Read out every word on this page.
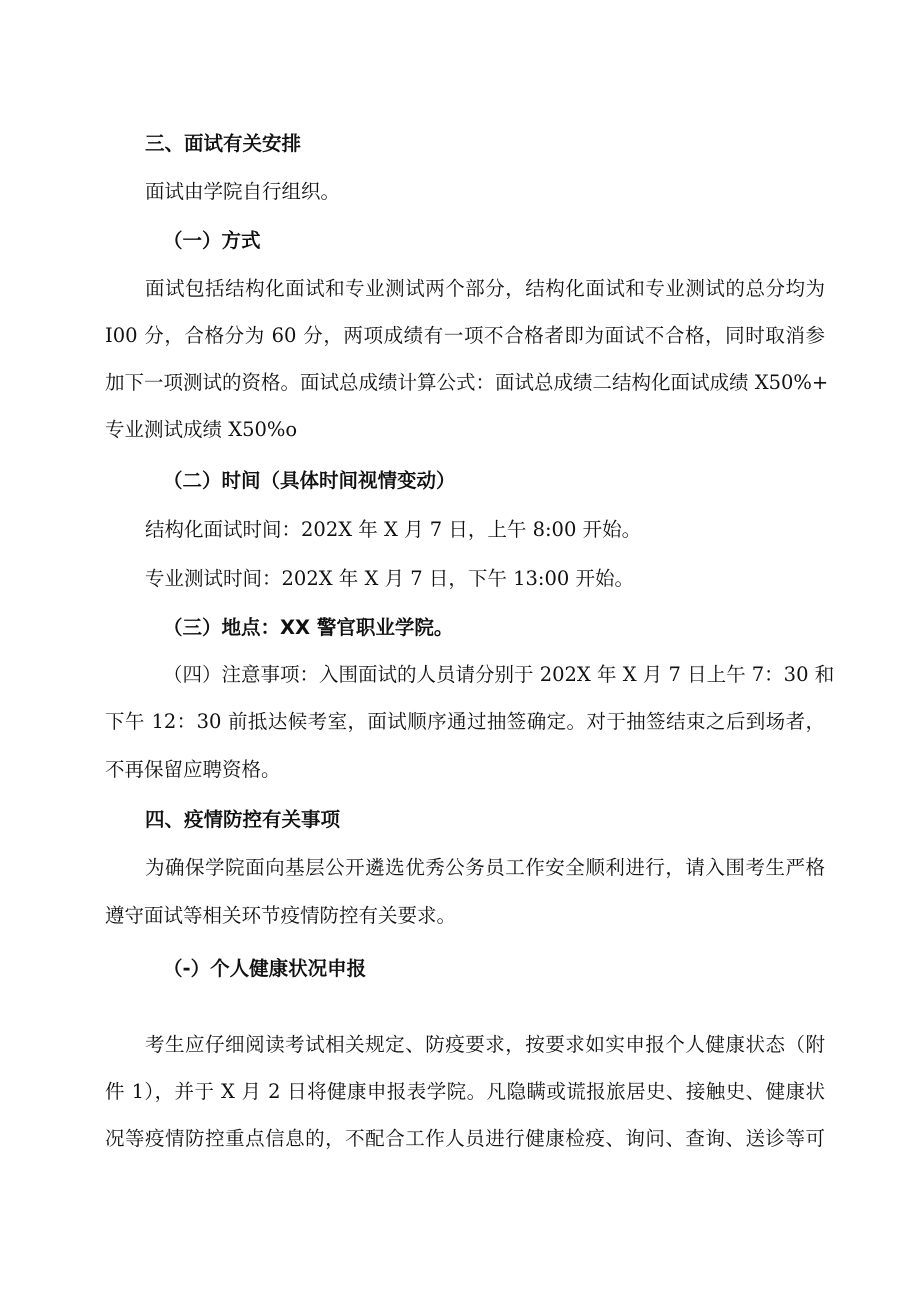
三、面试有关安排
面试由学院自行组织。
（一）方式
面试包括结构化面试和专业测试两个部分，结构化面试和专业测试的总分均为
I00 分，合格分为 60 分，两项成绩有一项不合格者即为面试不合格，同时取消参
加下一项测试的资格。面试总成绩计算公式：面试总成绩二结构化面试成绩 X50%+
专业测试成绩 X50%o
（二）时间（具体时间视情变动）
结构化面试时间：202X 年 X 月 7 日，上午 8:00 开始。
专业测试时间：202X 年 X 月 7 日，下午 13:00 开始。
（三）地点：XX 警官职业学院。
（四）注意事项：入围面试的人员请分别于 202X 年 X 月 7 日上午 7：30 和
下午 12：30 前抵达候考室，面试顺序通过抽签确定。对于抽签结束之后到场者，
不再保留应聘资格。
四、疫情防控有关事项
为确保学院面向基层公开遴选优秀公务员工作安全顺利进行，请入围考生严格
遵守面试等相关环节疫情防控有关要求。
（-）个人健康状况申报
考生应仔细阅读考试相关规定、防疫要求，按要求如实申报个人健康状态（附
件 1），并于 X 月 2 日将健康申报表学院。凡隐瞒或谎报旅居史、接触史、健康状
况等疫情防控重点信息的，不配合工作人员进行健康检疫、询问、查询、送诊等可
